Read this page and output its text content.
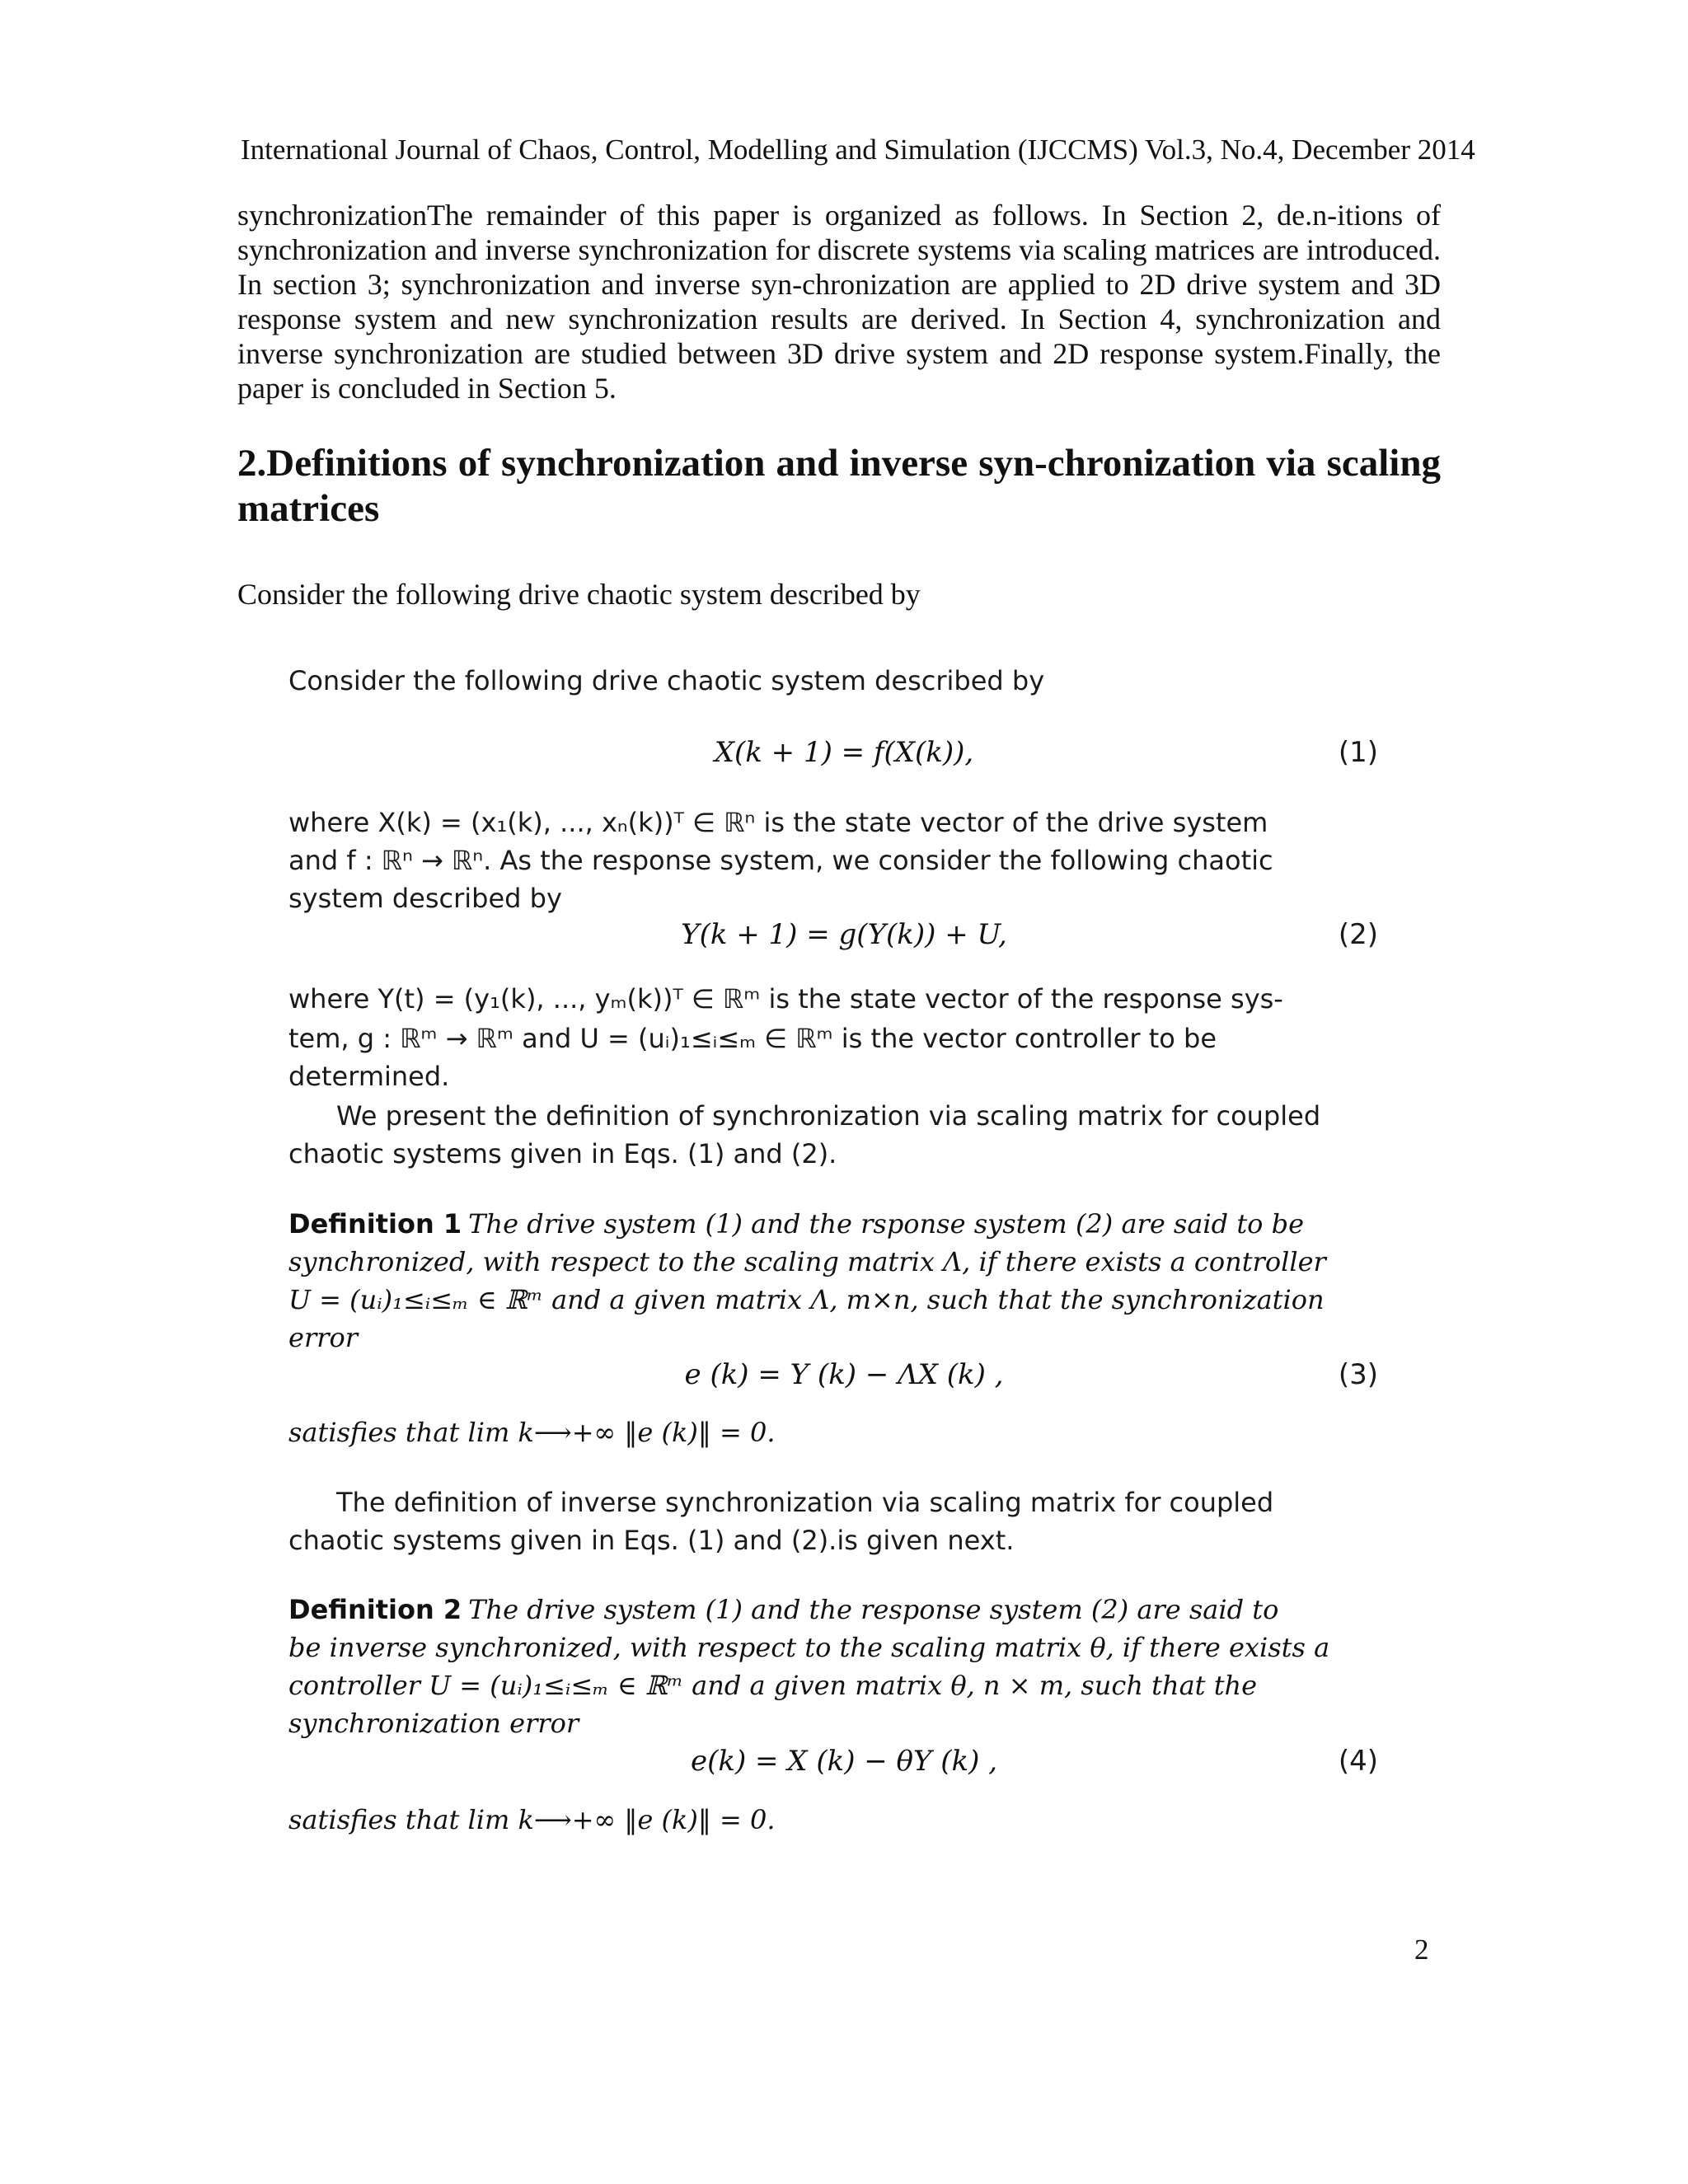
International Journal of Chaos, Control, Modelling and Simulation (IJCCMS) Vol.3, No.4, December 2014
synchronizationThe remainder of this paper is organized as follows. In Section 2, de.n-itions of synchronization and inverse synchronization for discrete systems via scaling matrices are introduced. In section 3; synchronization and inverse syn-chronization are applied to 2D drive system and 3D response system and new synchronization results are derived. In Section 4, synchronization and inverse synchronization are studied between 3D drive system and 2D response system.Finally, the paper is concluded in Section 5.
2.Definitions of synchronization and inverse syn-chronization via scaling matrices
Consider the following drive chaotic system described by
Consider the following drive chaotic system described by
X(k + 1) = f(X(k)),	(1)
where X(k) = (x₁(k), ..., xₙ(k))ᵀ ∈ ℝⁿ is the state vector of the drive system
and f : ℝⁿ → ℝⁿ. As the response system, we consider the following chaotic
system described by
Y(k + 1) = g(Y(k)) + U,	(2)
where Y(t) = (y₁(k), ..., yₘ(k))ᵀ ∈ ℝᵐ is the state vector of the response sys-
tem, g : ℝᵐ → ℝᵐ and U = (uᵢ)₁≤ᵢ≤ₘ ∈ ℝᵐ is the vector controller to be
determined.
We present the definition of synchronization via scaling matrix for coupled
chaotic systems given in Eqs. (1) and (2).
Definition 1 The drive system (1) and the rsponse system (2) are said to be
synchronized, with respect to the scaling matrix Λ, if there exists a controller
U = (uᵢ)₁≤ᵢ≤ₘ ∈ ℝᵐ and a given matrix Λ, m×n, such that the synchronization
error
e (k) = Y (k) − ΛX (k) ,	(3)
satisfies that lim k⟶+∞ ‖e (k)‖ = 0.
The definition of inverse synchronization via scaling matrix for coupled
chaotic systems given in Eqs. (1) and (2).is given next.
Definition 2 The drive system (1) and the response system (2) are said to
be inverse synchronized, with respect to the scaling matrix θ, if there exists a
controller U = (uᵢ)₁≤ᵢ≤ₘ ∈ ℝᵐ and a given matrix θ, n × m, such that the
synchronization error
e(k) = X (k) − θY (k) ,	(4)
satisfies that lim k⟶+∞ ‖e (k)‖ = 0.
2
